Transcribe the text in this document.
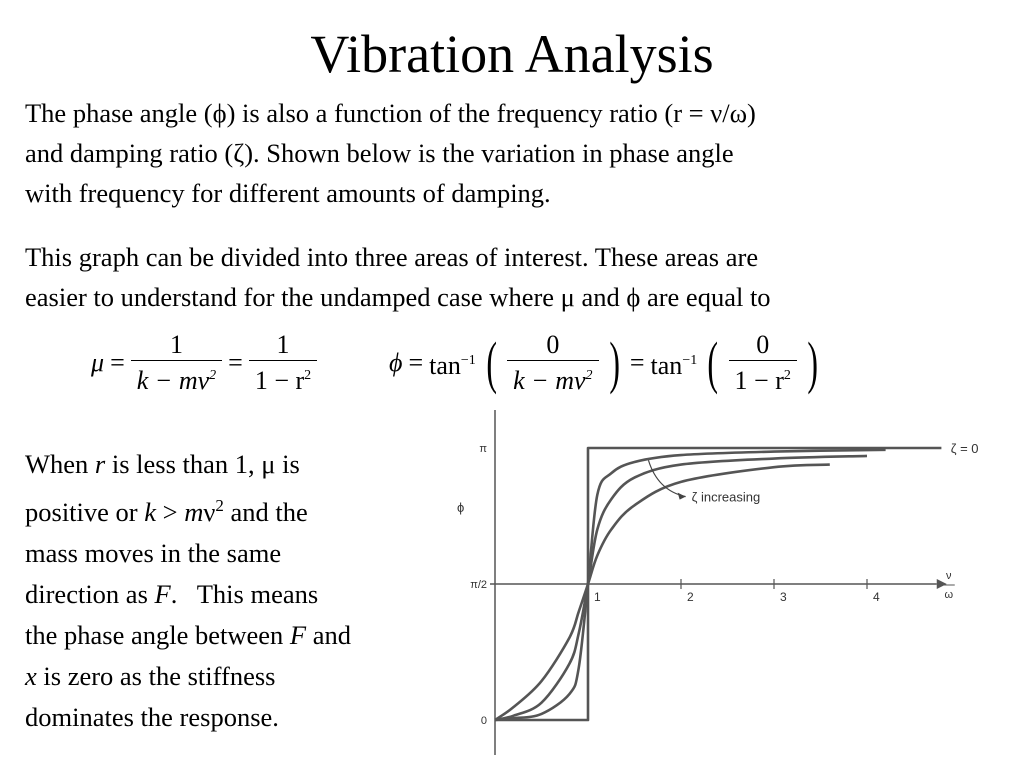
Vibration Analysis
The phase angle (ϕ) is also a function of the frequency ratio (r = ν/ω)
and damping ratio (ζ). Shown below is the variation in phase angle
with frequency for different amounts of damping.
This graph can be divided into three areas of interest. These areas are
easier to understand for the undamped case where μ and ϕ are equal to
$\mu = \frac{1}{k - m\nu^2} = \frac{1}{1 - r^2}$	$\phi = \tan^{-1}$ ( $\frac{0}{k - m\nu^2}$ ) = $\tan^{-1}$ ( $\frac{0}{1 - r^2}$ )
When r is less than 1, μ is
positive or $k > m\nu^2$ and the
mass moves in the same
direction as F.   This means
the phase angle between F and
x is zero as the stiffness
dominates the response.
1	2	3	4
0
π/2
π
ϕ
ν
ω
ζ = 0
ζ increasing
